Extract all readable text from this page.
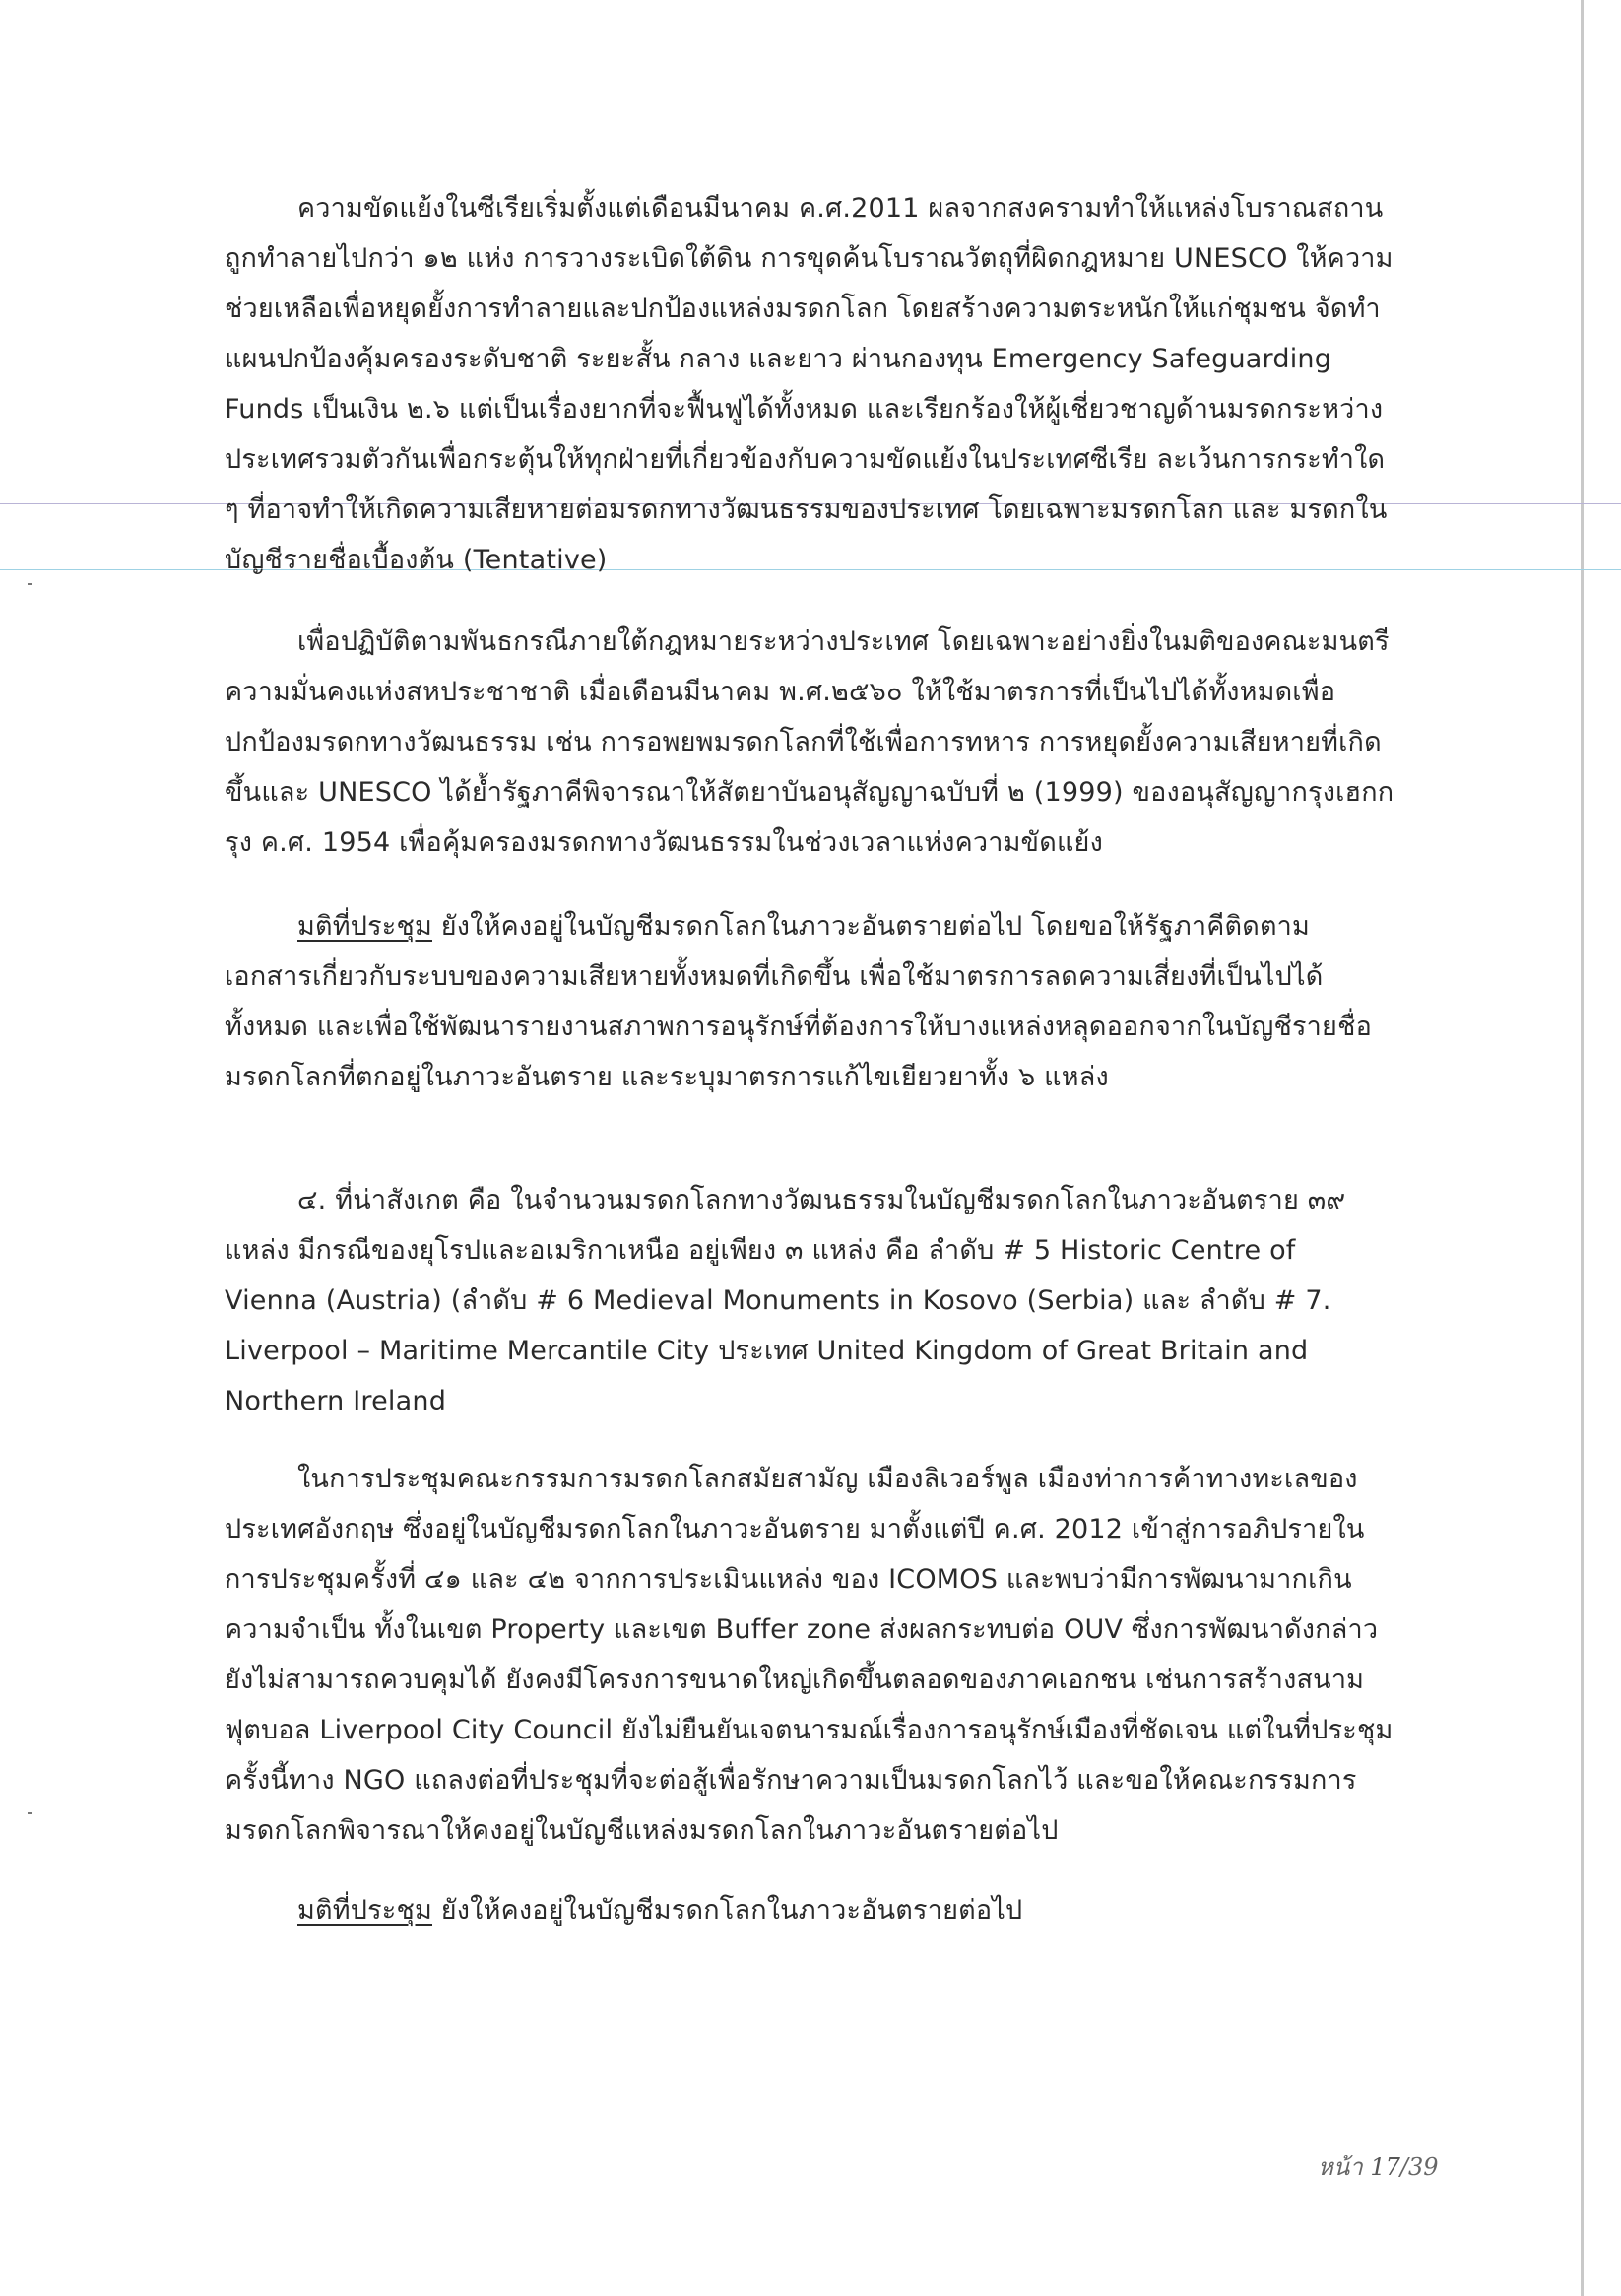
ความขัดแย้งในซีเรียเริ่มตั้งแต่เดือนมีนาคม ค.ศ.2011 ผลจากสงครามทำให้แหล่งโบราณสถานถูกทำลายไปกว่า ๑๒ แห่ง การวางระเบิดใต้ดิน การขุดค้นโบราณวัตถุที่ผิดกฎหมาย UNESCO ให้ความช่วยเหลือเพื่อหยุดยั้งการทำลายและปกป้องแหล่งมรดกโลก โดยสร้างความตระหนักให้แก่ชุมชน จัดทำแผนปกป้องคุ้มครองระดับชาติ ระยะสั้น กลาง และยาว ผ่านกองทุน Emergency Safeguarding Funds เป็นเงิน ๒.๖ แต่เป็นเรื่องยากที่จะฟื้นฟูได้ทั้งหมด และเรียกร้องให้ผู้เชี่ยวชาญด้านมรดกระหว่างประเทศรวมตัวกันเพื่อกระตุ้นให้ทุกฝ่ายที่เกี่ยวข้องกับความขัดแย้งในประเทศซีเรีย ละเว้นการกระทำใด ๆ ที่อาจทำให้เกิดความเสียหายต่อมรดกทางวัฒนธรรมของประเทศ โดยเฉพาะมรดกโลก และ มรดกในบัญชีรายชื่อเบื้องต้น (Tentative)

เพื่อปฏิบัติตามพันธกรณีภายใต้กฎหมายระหว่างประเทศ โดยเฉพาะอย่างยิ่งในมติของคณะมนตรีความมั่นคงแห่งสหประชาชาติ เมื่อเดือนมีนาคม พ.ศ.๒๕๖๐ ให้ใช้มาตรการที่เป็นไปได้ทั้งหมดเพื่อปกป้องมรดกทางวัฒนธรรม เช่น การอพยพมรดกโลกที่ใช้เพื่อการทหาร การหยุดยั้งความเสียหายที่เกิดขึ้นและ UNESCO ได้ย้ำรัฐภาคีพิจารณาให้สัตยาบันอนุสัญญาฉบับที่ ๒ (1999) ของอนุสัญญากรุงเฮกกรุง ค.ศ. 1954 เพื่อคุ้มครองมรดกทางวัฒนธรรมในช่วงเวลาแห่งความขัดแย้ง

มติที่ประชุม ยังให้คงอยู่ในบัญชีมรดกโลกในภาวะอันตรายต่อไป โดยขอให้รัฐภาคีติดตามเอกสารเกี่ยวกับระบบของความเสียหายทั้งหมดที่เกิดขึ้น เพื่อใช้มาตรการลดความเสี่ยงที่เป็นไปได้ทั้งหมด และเพื่อใช้พัฒนารายงานสภาพการอนุรักษ์ที่ต้องการให้บางแหล่งหลุดออกจากในบัญชีรายชื่อมรดกโลกที่ตกอยู่ในภาวะอันตราย และระบุมาตรการแก้ไขเยียวยาทั้ง ๖ แหล่ง

๔. ที่น่าสังเกต คือ ในจำนวนมรดกโลกทางวัฒนธรรมในบัญชีมรดกโลกในภาวะอันตราย ๓๙ แหล่ง มีกรณีของยุโรปและอเมริกาเหนือ อยู่เพียง ๓ แหล่ง คือ ลำดับ # 5 Historic Centre of Vienna (Austria) (ลำดับ # 6 Medieval Monuments in Kosovo (Serbia) และ ลำดับ # 7. Liverpool – Maritime Mercantile City ประเทศ United Kingdom of Great Britain and Northern Ireland

ในการประชุมคณะกรรมการมรดกโลกสมัยสามัญ เมืองลิเวอร์พูล เมืองท่าการค้าทางทะเลของประเทศอังกฤษ ซึ่งอยู่ในบัญชีมรดกโลกในภาวะอันตราย มาตั้งแต่ปี ค.ศ. 2012 เข้าสู่การอภิปรายในการประชุมครั้งที่ ๔๑ และ ๔๒ จากการประเมินแหล่ง ของ ICOMOS และพบว่ามีการพัฒนามากเกินความจำเป็น ทั้งในเขต Property และเขต Buffer zone ส่งผลกระทบต่อ OUV ซึ่งการพัฒนาดังกล่าวยังไม่สามารถควบคุมได้ ยังคงมีโครงการขนาดใหญ่เกิดขึ้นตลอดของภาคเอกชน เช่นการสร้างสนามฟุตบอล Liverpool City Council ยังไม่ยืนยันเจตนารมณ์เรื่องการอนุรักษ์เมืองที่ชัดเจน แต่ในที่ประชุมครั้งนี้ทาง NGO แถลงต่อที่ประชุมที่จะต่อสู้เพื่อรักษาความเป็นมรดกโลกไว้ และขอให้คณะกรรมการมรดกโลกพิจารณาให้คงอยู่ในบัญชีแหล่งมรดกโลกในภาวะอันตรายต่อไป

มติที่ประชุม ยังให้คงอยู่ในบัญชีมรดกโลกในภาวะอันตรายต่อไป

หน้า 17/39
